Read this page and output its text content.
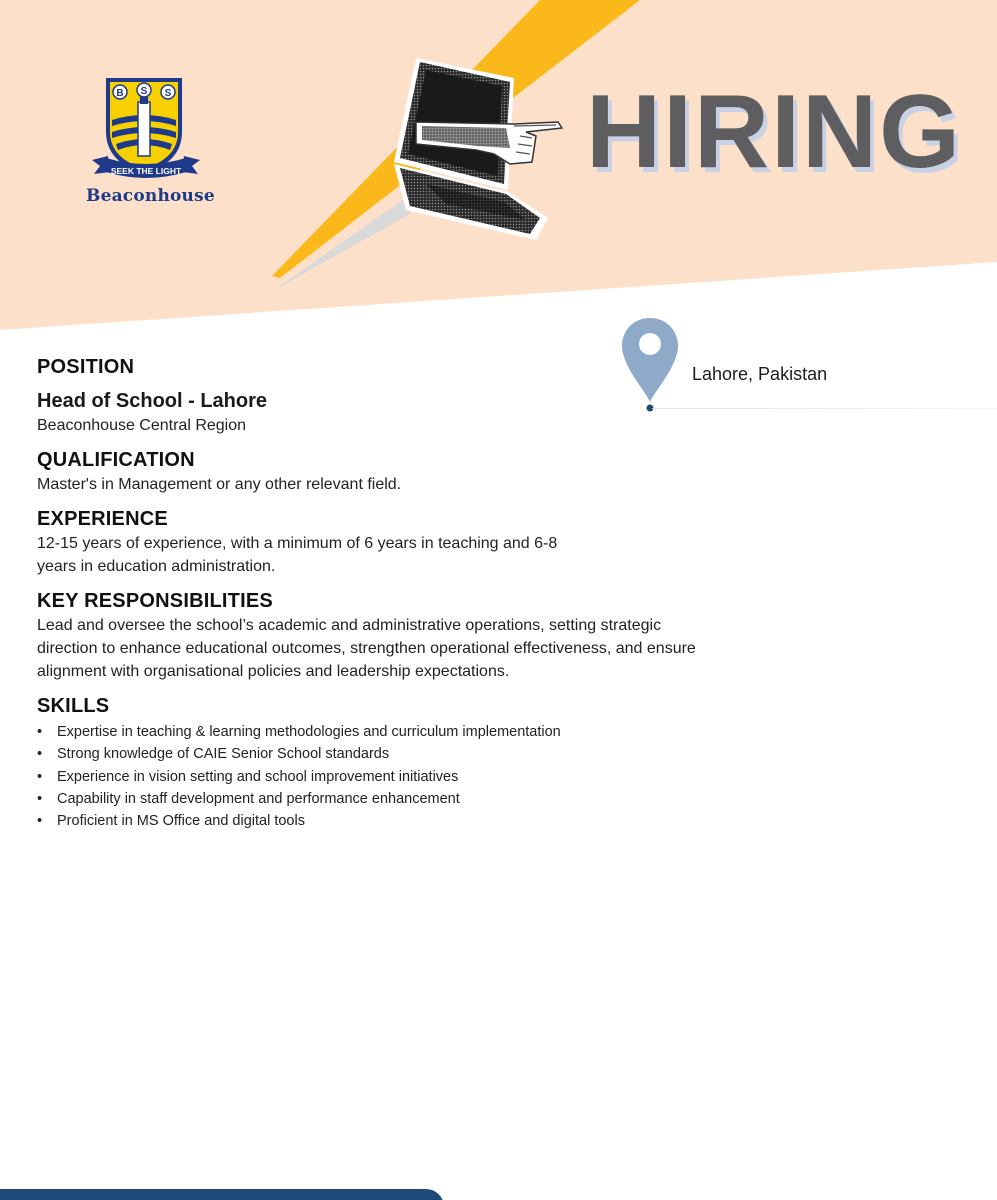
B S S
SEEK THE LIGHT
Beaconhouse
HIRING
Lahore, Pakistan
POSITION

Head of School - Lahore

Beaconhouse Central Region

QUALIFICATION

Master's in Management or any other relevant field.

EXPERIENCE

12-15 years of experience, with a minimum of 6 years in teaching and 6-8

years in education administration.

KEY RESPONSIBILITIES

Lead and oversee the school’s academic and administrative operations, setting strategic

direction to enhance educational outcomes, strengthen operational effectiveness, and ensure

alignment with organisational policies and leadership expectations.

SKILLS
• Expertise in teaching & learning methodologies and curriculum implementation
• Strong knowledge of CAIE Senior School standards
• Experience in vision setting and school improvement initiatives
• Capability in staff development and performance enhancement
• Proficient in MS Office and digital tools
